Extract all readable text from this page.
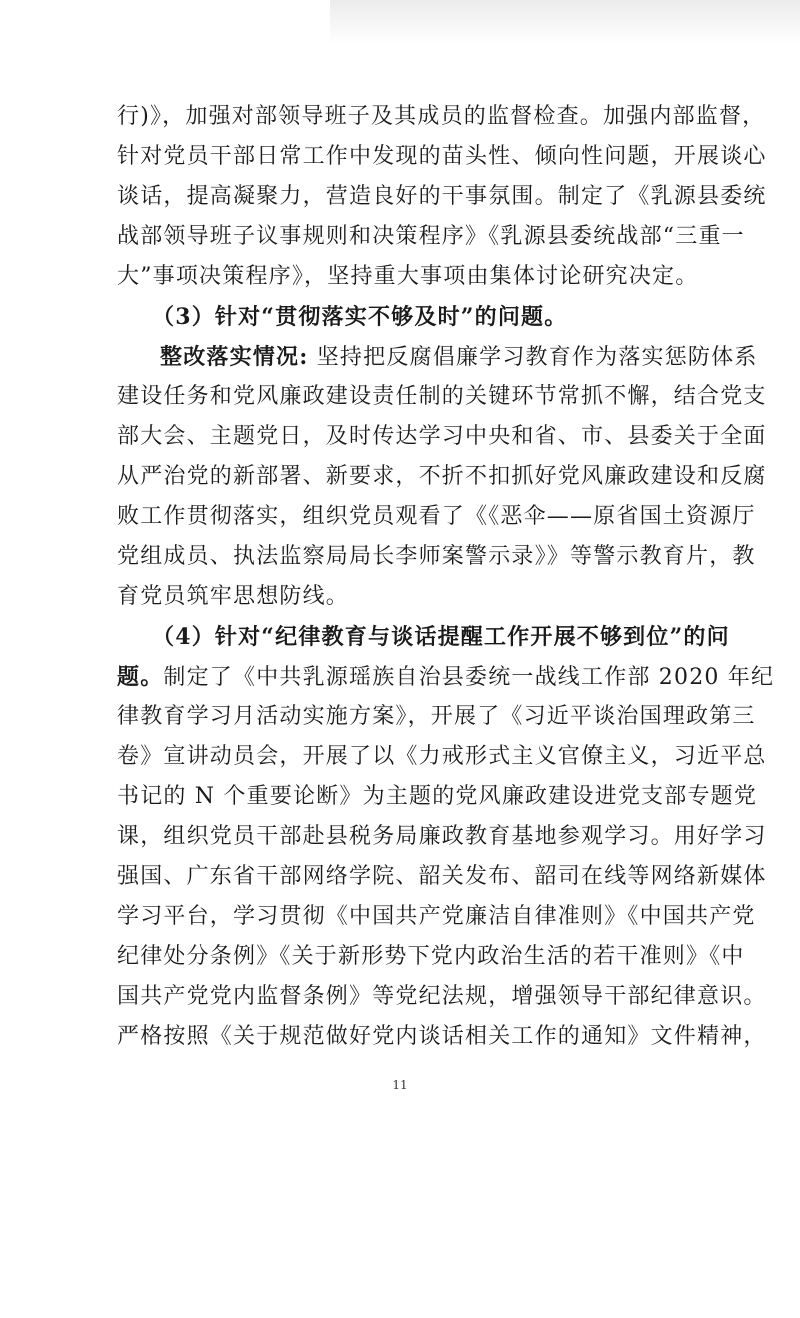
行)》，加强对部领导班子及其成员的监督检查。加强内部监督，
针对党员干部日常工作中发现的苗头性、倾向性问题，开展谈心
谈话，提高凝聚力，营造良好的干事氛围。制定了《乳源县委统
战部领导班子议事规则和决策程序》《乳源县委统战部“三重一
大”事项决策程序》，坚持重大事项由集体讨论研究决定。
（3）针对“贯彻落实不够及时”的问题。
整改落实情况: 坚持把反腐倡廉学习教育作为落实惩防体系
建设任务和党风廉政建设责任制的关键环节常抓不懈，结合党支
部大会、主题党日，及时传达学习中央和省、市、县委关于全面
从严治党的新部署、新要求，不折不扣抓好党风廉政建设和反腐
败工作贯彻落实，组织党员观看了《《恶伞——原省国土资源厅
党组成员、执法监察局局长李师案警示录》》等警示教育片，教
育党员筑牢思想防线。
（4）针对“纪律教育与谈话提醒工作开展不够到位”的问
题。制定了《中共乳源瑶族自治县委统一战线工作部 2020 年纪
律教育学习月活动实施方案》，开展了《习近平谈治国理政第三
卷》宣讲动员会，开展了以《力戒形式主义官僚主义，习近平总
书记的 N 个重要论断》为主题的党风廉政建设进党支部专题党
课，组织党员干部赴县税务局廉政教育基地参观学习。用好学习
强国、广东省干部网络学院、韶关发布、韶司在线等网络新媒体
学习平台，学习贯彻《中国共产党廉洁自律准则》《中国共产党
纪律处分条例》《关于新形势下党内政治生活的若干准则》《中
国共产党党内监督条例》等党纪法规，增强领导干部纪律意识。
严格按照《关于规范做好党内谈话相关工作的通知》文件精神，
11
